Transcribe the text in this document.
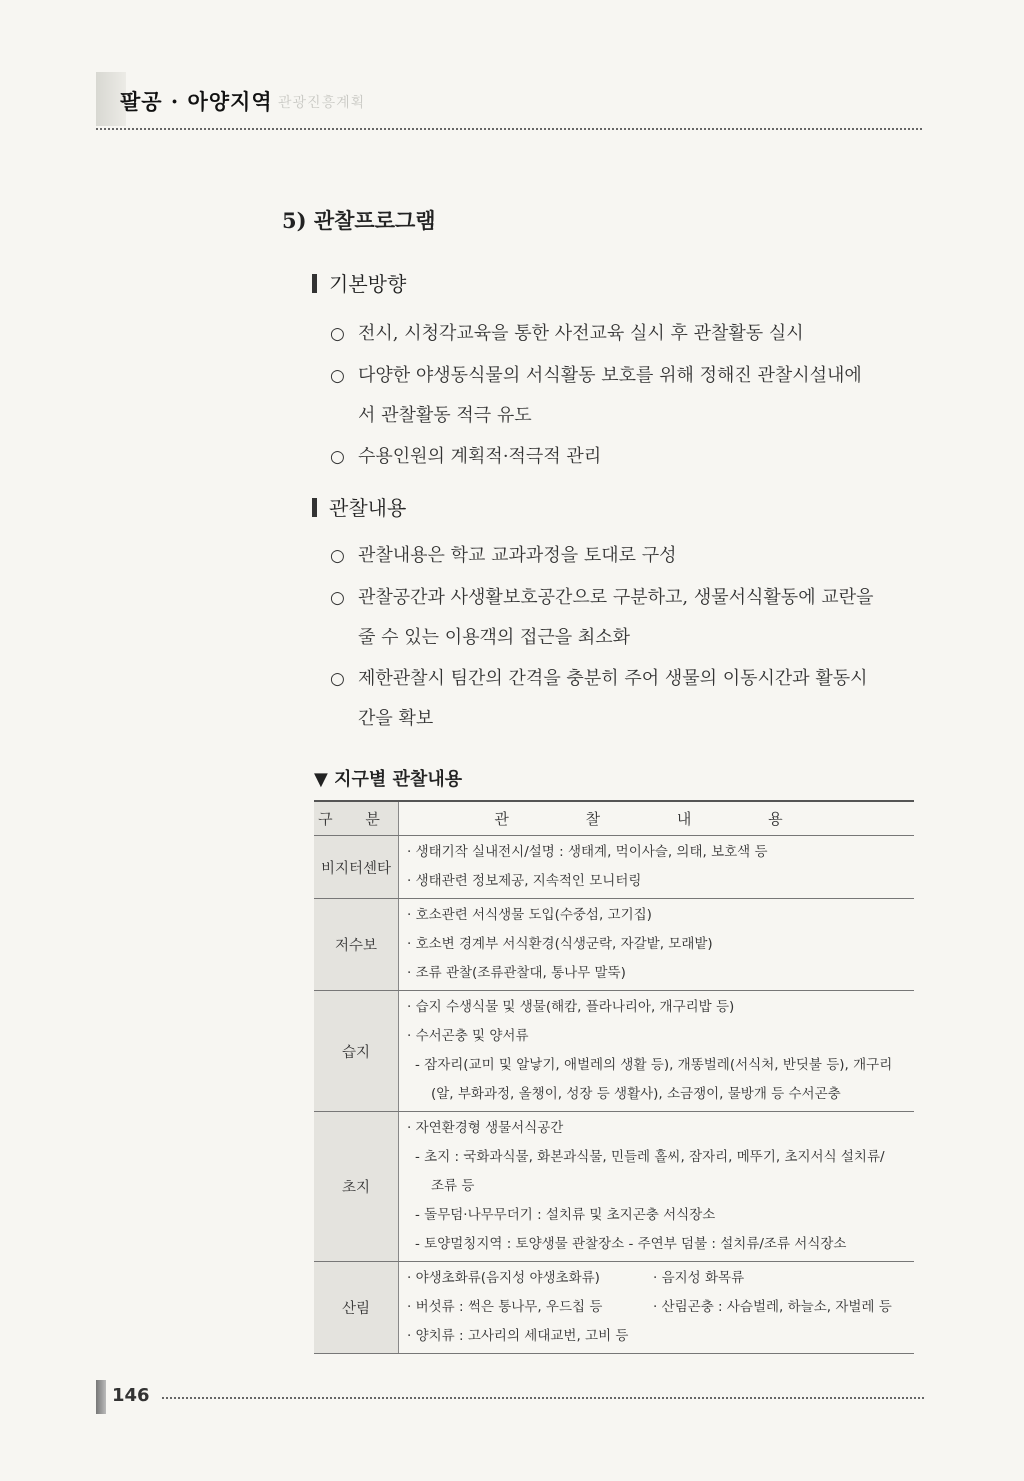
팔공 · 아양지역 관광진흥계획
5) 관찰프로그램
기본방향
○ 전시, 시청각교육을 통한 사전교육 실시 후 관찰활동 실시
○ 다양한 야생동식물의 서식활동 보호를 위해 정해진 관찰시설내에
서 관찰활동 적극 유도
○ 수용인원의 계획적·적극적 관리
관찰내용
○ 관찰내용은 학교 교과과정을 토대로 구성
○ 관찰공간과 사생활보호공간으로 구분하고, 생물서식활동에 교란을
줄 수 있는 이용객의 접근을 최소화
○ 제한관찰시 팀간의 간격을 충분히 주어 생물의 이동시간과 활동시
간을 확보
▼ 지구별 관찰내용
구 분	관 찰 내 용
비지터센타	· 생태기작 실내전시/설명 : 생태계, 먹이사슬, 의태, 보호색 등
· 생태관련 정보제공, 지속적인 모니터링

저수보	· 호소관련 서식생물 도입(수중섬, 고기집)
· 호소변 경계부 서식환경(식생군락, 자갈밭, 모래밭)
· 조류 관찰(조류관찰대, 통나무 말뚝)

습지	· 습지 수생식물 및 생물(해캄, 플라나리아, 개구리밥 등)
· 수서곤충 및 양서류
- 잠자리(교미 및 알낳기, 애벌레의 생활 등), 개똥벌레(서식처, 반딧불 등), 개구리
(알, 부화과정, 올챙이, 성장 등 생활사), 소금쟁이, 물방개 등 수서곤충

초지	· 자연환경형 생물서식공간
- 초지 : 국화과식물, 화본과식물, 민들레 홀씨, 잠자리, 메뚜기, 초지서식 설치류/
조류 등
- 돌무덤·나무무더기 : 설치류 및 초지곤충 서식장소
- 토양멀칭지역 : 토양생물 관찰장소 - 주연부 덤불 : 설치류/조류 서식장소

산림	· 야생초화류(음지성 야생초화류) · 음지성 화목류
· 버섯류 : 썩은 통나무, 우드칩 등 · 산림곤충 : 사슴벌레, 하늘소, 자벌레 등
· 양치류 : 고사리의 세대교번, 고비 등
146
